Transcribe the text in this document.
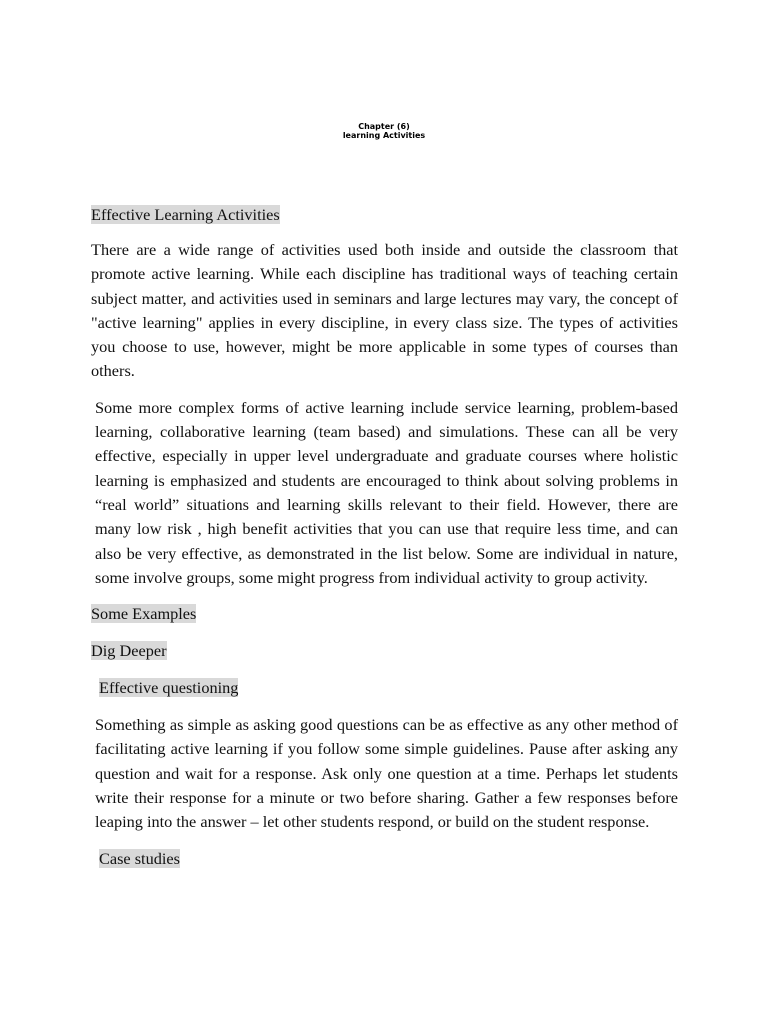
Chapter (6)
learning Activities

Effective Learning Activities

There are a wide range of activities used both inside and outside the classroom that promote active learning. While each discipline has traditional ways of teaching certain subject matter, and activities used in seminars and large lectures may vary, the concept of "active learning" applies in every discipline, in every class size. The types of activities you choose to use, however, might be more applicable in some types of courses than others.

Some more complex forms of active learning include service learning, problem-based learning, collaborative learning (team based) and simulations. These can all be very effective, especially in upper level undergraduate and graduate courses where holistic learning is emphasized and students are encouraged to think about solving problems in “real world” situations and learning skills relevant to their field. However, there are many low risk , high benefit activities that you can use that require less time, and can also be very effective, as demonstrated in the list below. Some are individual in nature, some involve groups, some might progress from individual activity to group activity.

Some Examples

Dig Deeper

Effective questioning

Something as simple as asking good questions can be as effective as any other method of facilitating active learning if you follow some simple guidelines. Pause after asking any question and wait for a response. Ask only one question at a time. Perhaps let students write their response for a minute or two before sharing. Gather a few responses before leaping into the answer – let other students respond, or build on the student response.

Case studies
